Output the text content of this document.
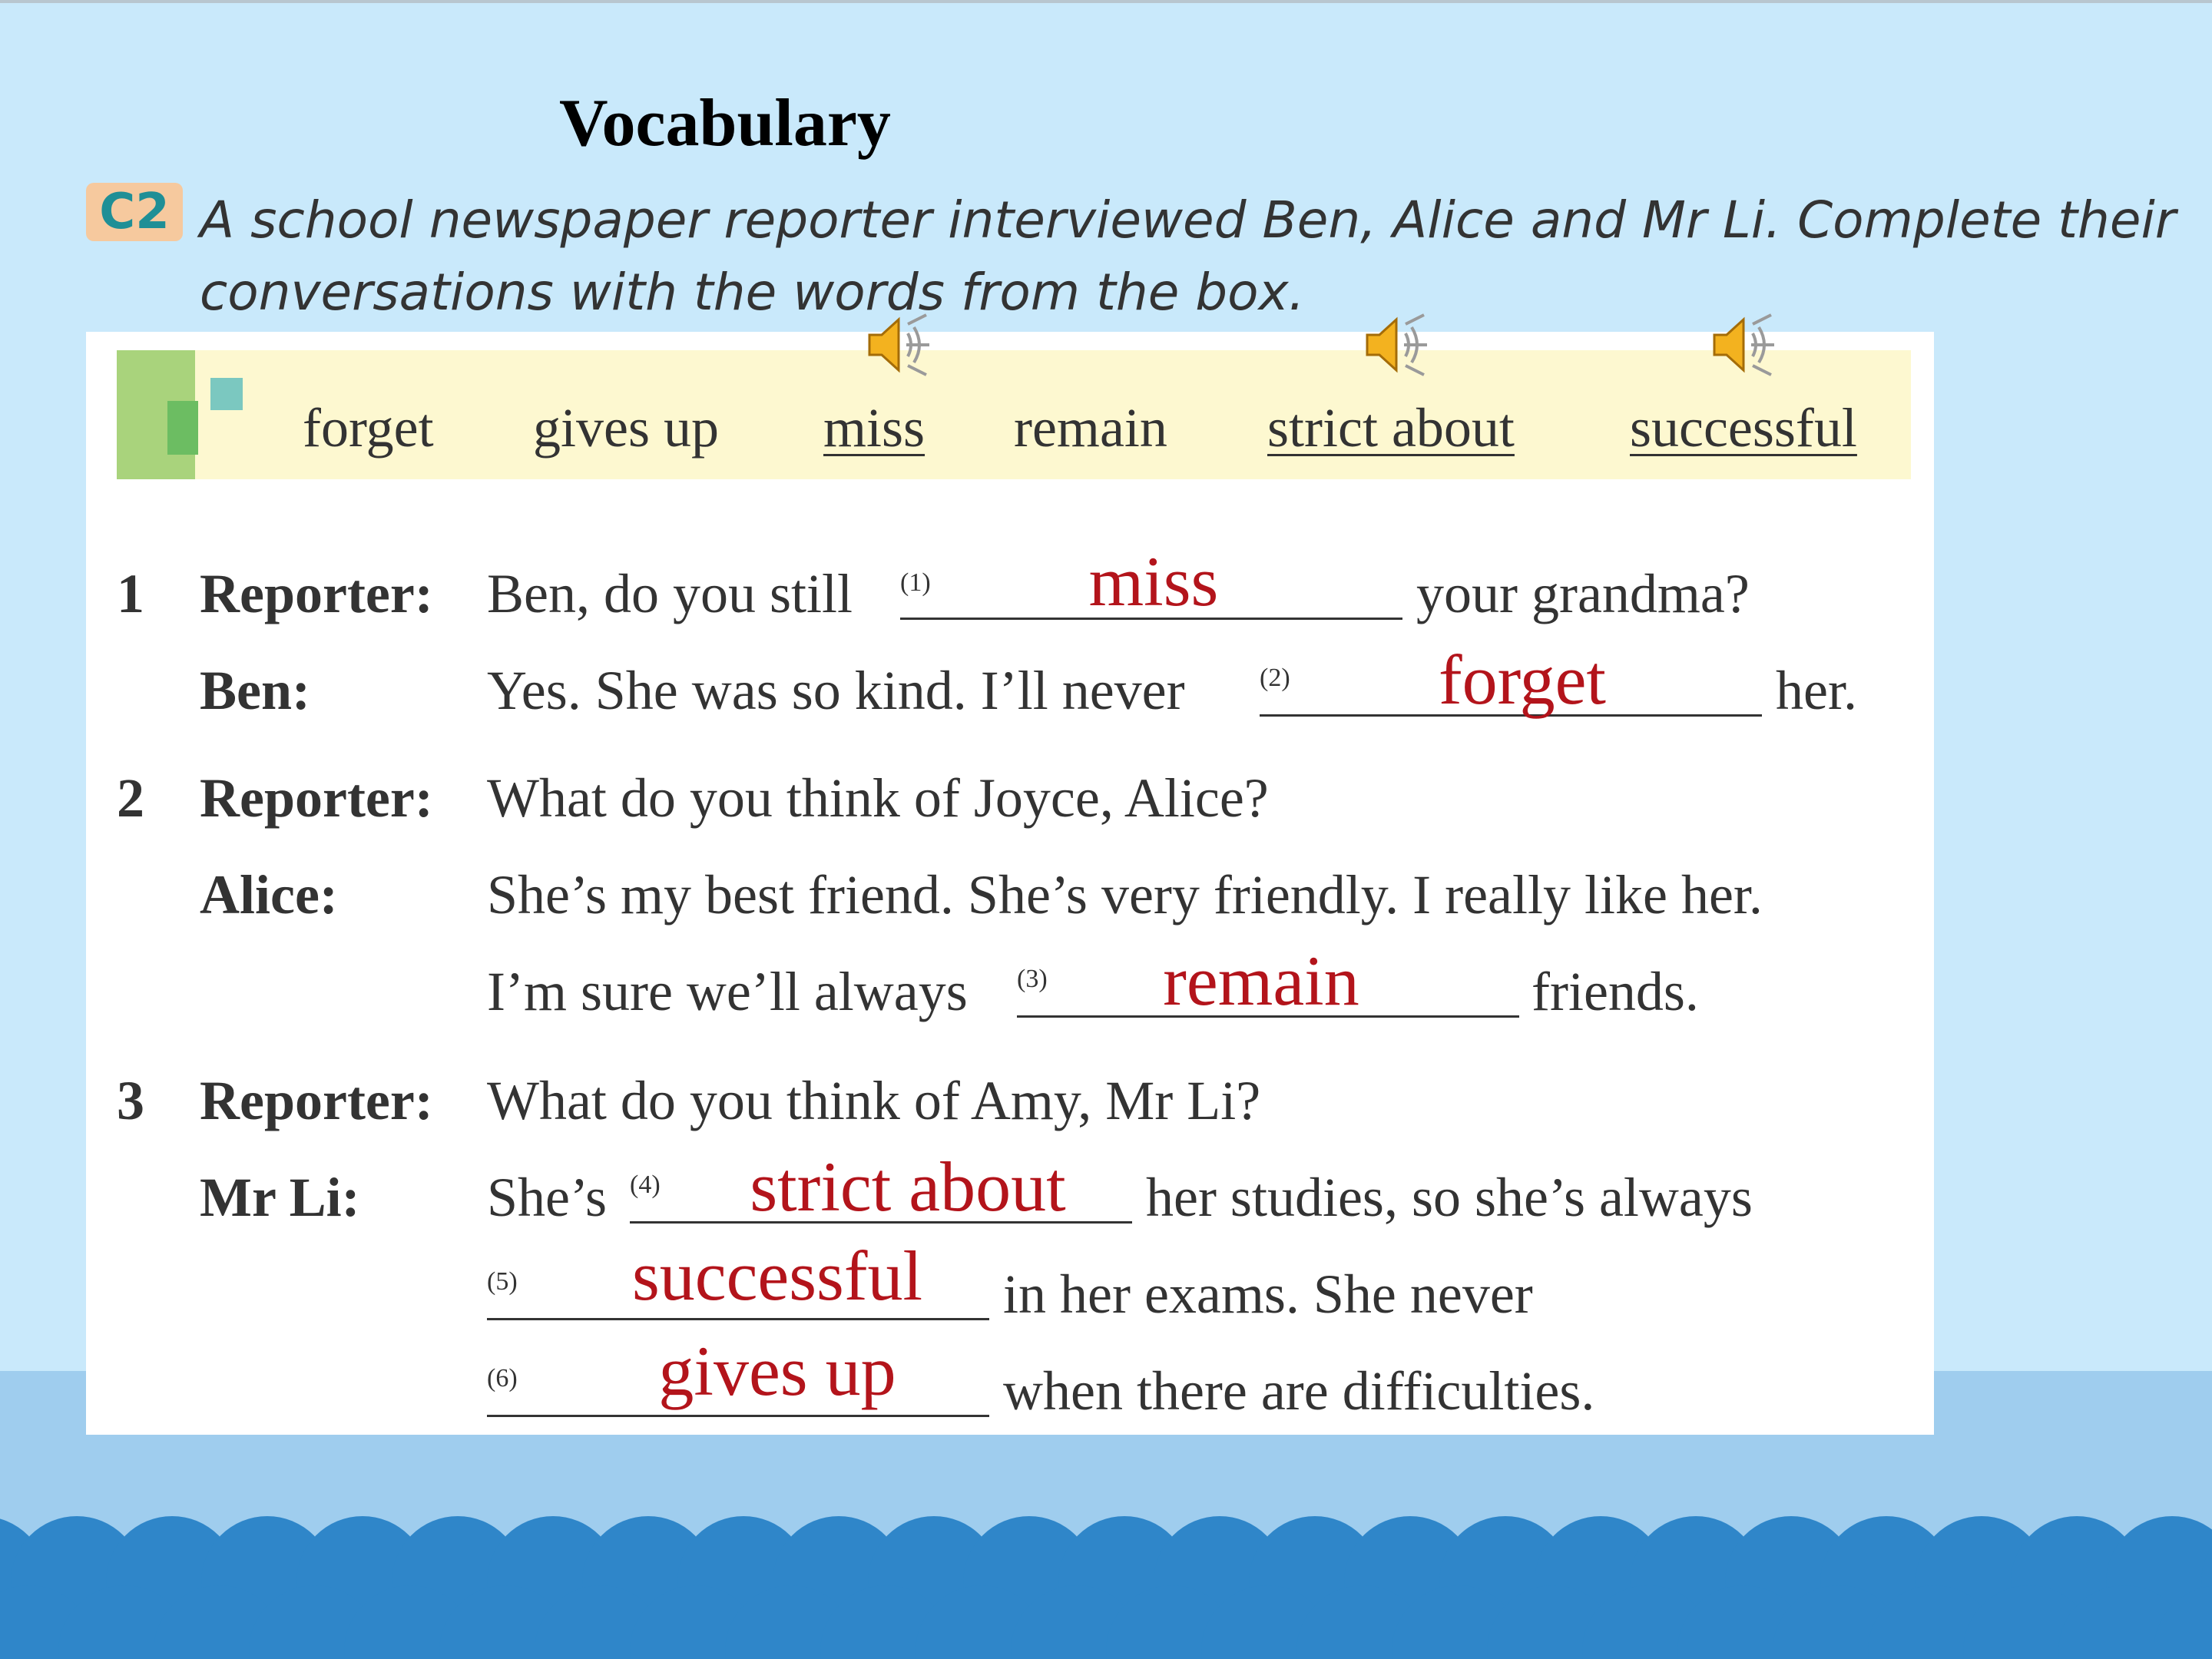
Vocabulary
C2 A school newspaper reporter interviewed Ben, Alice and Mr Li. Complete their
conversations with the words from the box.
forget gives up miss remain strict about successful
1 Reporter: Ben, do you still (1)	miss	your grandma?
Ben:	Yes. She was so kind. I’ll never	(2)	forget	her.
2 Reporter: What do you think of Joyce, Alice?
Alice:	She’s my best friend. She’s very friendly. I really like her.
I’m sure we’ll always (3)	remain	friends.
3 Reporter: What do you think of Amy, Mr Li?
Mr Li: She’s (4)	strict about	her studies, so she’s always
(5)	successful	in her exams. She never
(6)	gives up	when there are difficulties.
